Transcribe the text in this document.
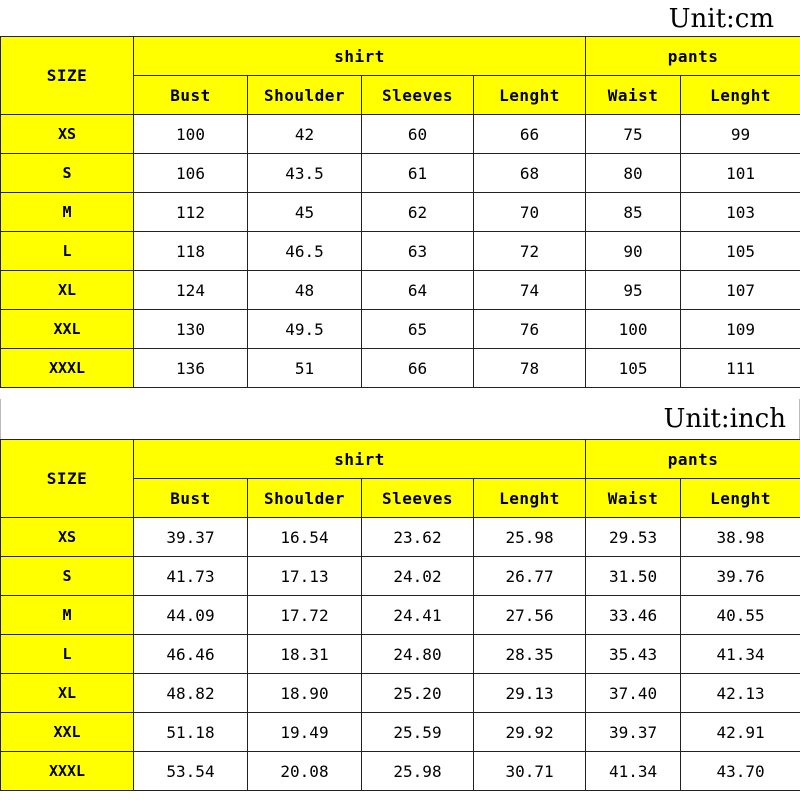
Unit:cm
SIZE	shirt				pants	
	Bust	Shoulder	Sleeves	Lenght	Waist	Lenght
XS	100	42	60	66	75	99
S	106	43.5	61	68	80	101
M	112	45	62	70	85	103
L	118	46.5	63	72	90	105
XL	124	48	64	74	95	107
XXL	130	49.5	65	76	100	109
XXXL	136	51	66	78	105	111
Unit:inch
SIZE	shirt				pants	
	Bust	Shoulder	Sleeves	Lenght	Waist	Lenght
XS	39.37	16.54	23.62	25.98	29.53	38.98
S	41.73	17.13	24.02	26.77	31.50	39.76
M	44.09	17.72	24.41	27.56	33.46	40.55
L	46.46	18.31	24.80	28.35	35.43	41.34
XL	48.82	18.90	25.20	29.13	37.40	42.13
XXL	51.18	19.49	25.59	29.92	39.37	42.91
XXXL	53.54	20.08	25.98	30.71	41.34	43.70
